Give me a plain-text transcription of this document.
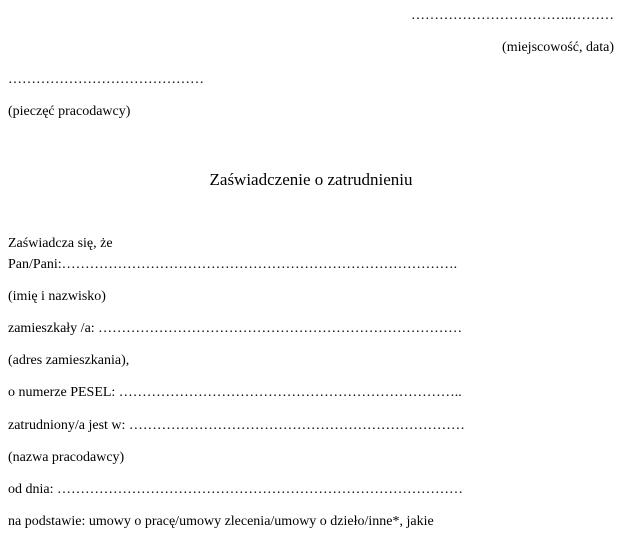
……………………………..………
(miejscowość, data)
……………………………………
(pieczęć pracodawcy)
Zaświadczenie o zatrudnieniu
Zaświadcza się, że
Pan/Pani:………………………………………………………………………….
(imię i nazwisko)
zamieszkały /a: ……………………………………………………………………
(adres zamieszkania),
o numerze PESEL: ………………………………………………………………..
zatrudniony/a jest w: ………………………………………………………………
(nazwa pracodawcy)
od dnia: ……………………………………………………………………………
na podstawie: umowy o pracę/umowy zlecenia/umowy o dzieło/inne*, jakie
